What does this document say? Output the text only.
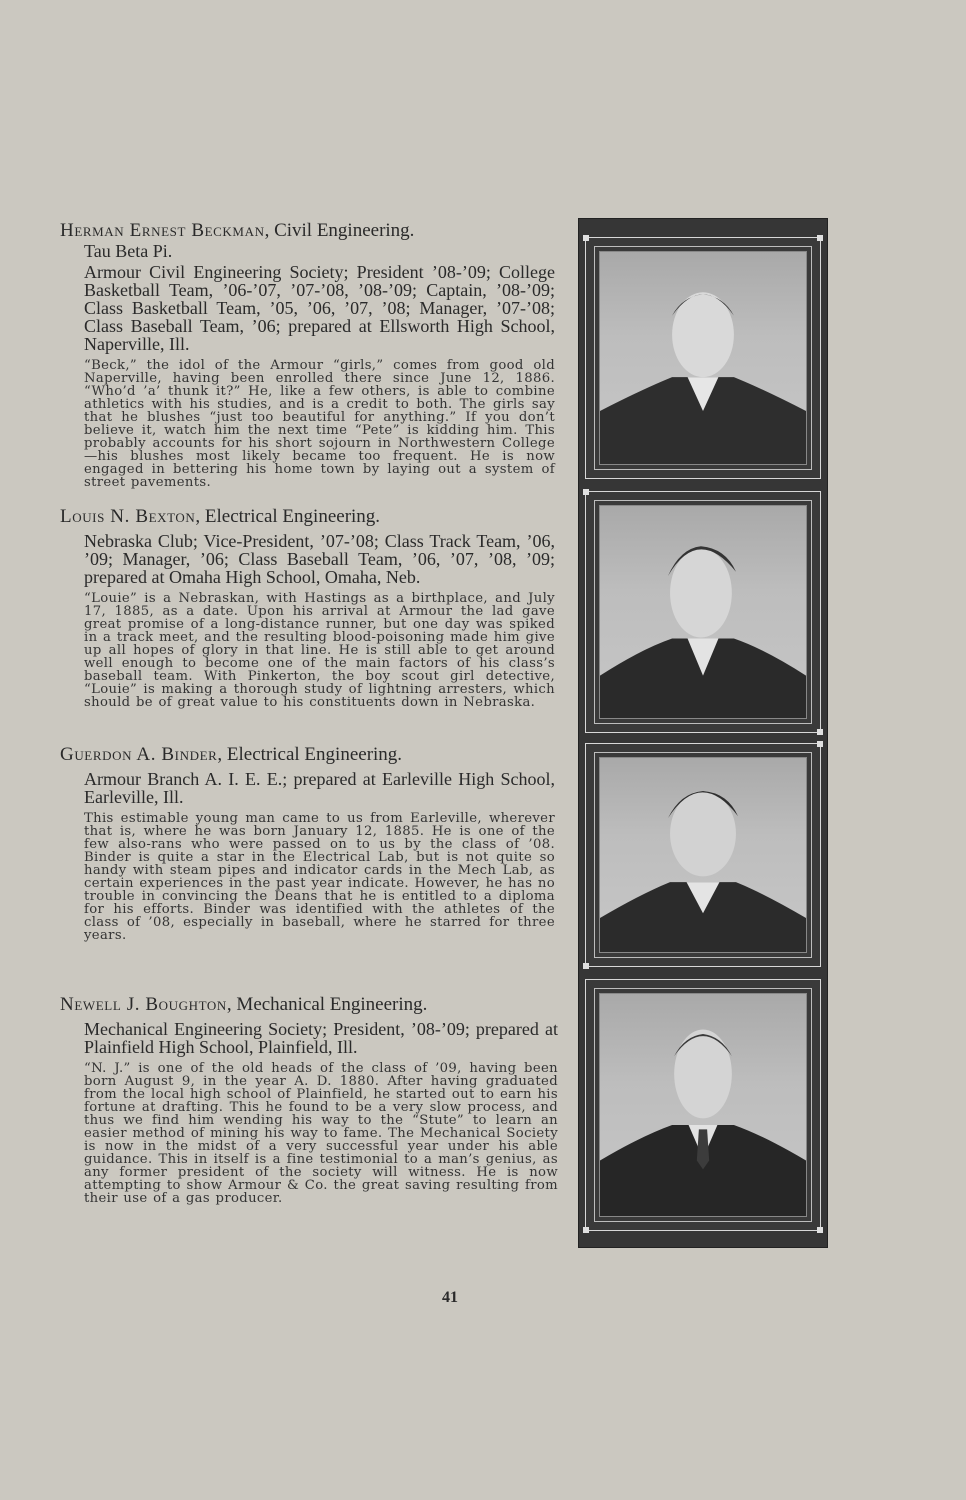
Herman Ernest Beckman, Civil Engineering.

Tau Beta Pi.

Armour Civil Engineering Society; President ’08-’09; College Basketball Team, ’06-’07, ’07-’08, ’08-’09; Captain, ’08-’09; Class Basketball Team, ’05, ’06, ’07, ’08; Manager, ’07-’08; Class Baseball Team, ’06; prepared at Ellsworth High School, Naperville, Ill.

“Beck,” the idol of the Armour “girls,” comes from good old Naperville, having been enrolled there since June 12, 1886. “Who’d ’a’ thunk it?” He, like a few others, is able to combine athletics with his studies, and is a credit to both. The girls say that he blushes “just too beautiful for anything.” If you don’t believe it, watch him the next time “Pete” is kidding him. This probably accounts for his short sojourn in Northwestern College—his blushes most likely became too frequent. He is now engaged in bettering his home town by laying out a system of street pavements.

Louis N. Bexton, Electrical Engineering.

Nebraska Club; Vice-President, ’07-’08; Class Track Team, ’06, ’09; Manager, ’06; Class Baseball Team, ’06, ’07, ’08, ’09; prepared at Omaha High School, Omaha, Neb.

“Louie” is a Nebraskan, with Hastings as a birthplace, and July 17, 1885, as a date. Upon his arrival at Armour the lad gave great promise of a long-distance runner, but one day was spiked in a track meet, and the resulting blood-poisoning made him give up all hopes of glory in that line. He is still able to get around well enough to become one of the main factors of his class’s baseball team. With Pinkerton, the boy scout girl detective, “Louie” is making a thorough study of lightning arresters, which should be of great value to his constituents down in Nebraska.

Guerdon A. Binder, Electrical Engineering.

Armour Branch A. I. E. E.; prepared at Earleville High School, Earleville, Ill.

This estimable young man came to us from Earleville, wherever that is, where he was born January 12, 1885. He is one of the few also-rans who were passed on to us by the class of ’08. Binder is quite a star in the Electrical Lab, but is not quite so handy with steam pipes and indicator cards in the Mech Lab, as certain experiences in the past year indicate. However, he has no trouble in convincing the Deans that he is entitled to a diploma for his efforts. Binder was identified with the athletes of the class of ’08, especially in baseball, where he starred for three years.

Newell J. Boughton, Mechanical Engineering.

Mechanical Engineering Society; President, ’08-’09; prepared at Plainfield High School, Plainfield, Ill.

“N. J.” is one of the old heads of the class of ’09, having been born August 9, in the year A. D. 1880. After having graduated from the local high school of Plainfield, he started out to earn his fortune at drafting. This he found to be a very slow process, and thus we find him wending his way to the “Stute” to learn an easier method of mining his way to fame. The Mechanical Society is now in the midst of a very successful year under his able guidance. This in itself is a fine testimonial to a man’s genius, as any former president of the society will witness. He is now attempting to show Armour & Co. the great saving resulting from their use of a gas producer.

41
